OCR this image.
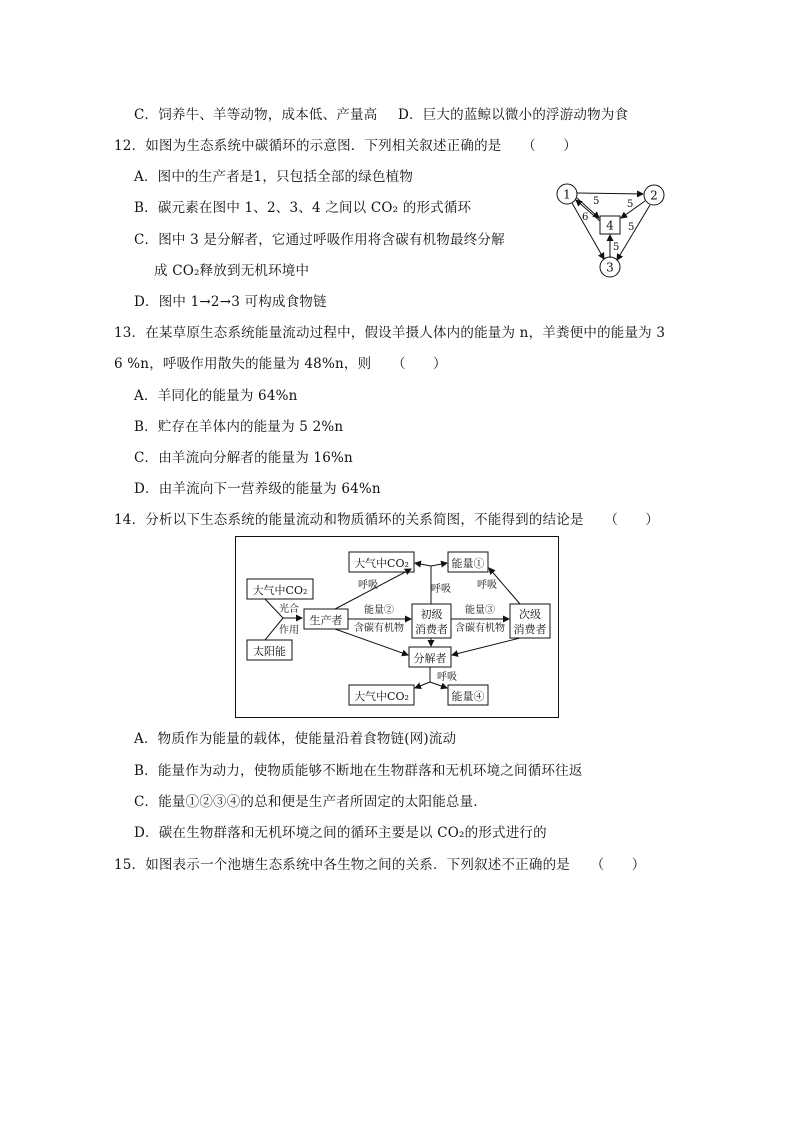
C．饲养牛、羊等动物，成本低、产量高 D．巨大的蓝鲸以微小的浮游动物为食
12．如图为生态系统中碳循环的示意图．下列相关叙述正确的是　　（　　）
A．图中的生产者是1，只包括全部的绿色植物
B．碳元素在图中 1、2、3、4 之间以 CO₂ 的形式循环
C．图中 3 是分解者，它通过呼吸作用将含碳有机物最终分解
成 CO₂释放到无机环境中
D．图中 1→2→3 可构成食物链
1	2
3
4
5	5
6
5
5
13．在某草原生态系统能量流动过程中，假设羊摄人体内的能量为 n，羊粪便中的能量为 3
6 %n，呼吸作用散失的能量为 48%n，则　　（　　）
A．羊同化的能量为 64%n
B．贮存在羊体内的能量为 5 2%n
C．由羊流向分解者的能量为 16%n
D．由羊流向下一营养级的能量为 64%n
14．分析以下生态系统的能量流动和物质循环的关系简图，不能得到的结论是　　（　　）
大气中CO₂	能量①
大气中CO₂
太阳能
光合
作用
生产者	初级
消费者
次级
消费者
能量②
含碳有机物
能量③
含碳有机物
呼吸	呼吸	呼吸
分解者
呼吸
大气中CO₂	能量④
A．物质作为能量的载体，使能量沿着食物链(网)流动
B．能量作为动力，使物质能够不断地在生物群落和无机环境之间循环往返
C．能量①②③④的总和便是生产者所固定的太阳能总量．
D．碳在生物群落和无机环境之间的循环主要是以 CO₂的形式进行的
15．如图表示一个池塘生态系统中各生物之间的关系．下列叙述不正确的是　　（　　）
